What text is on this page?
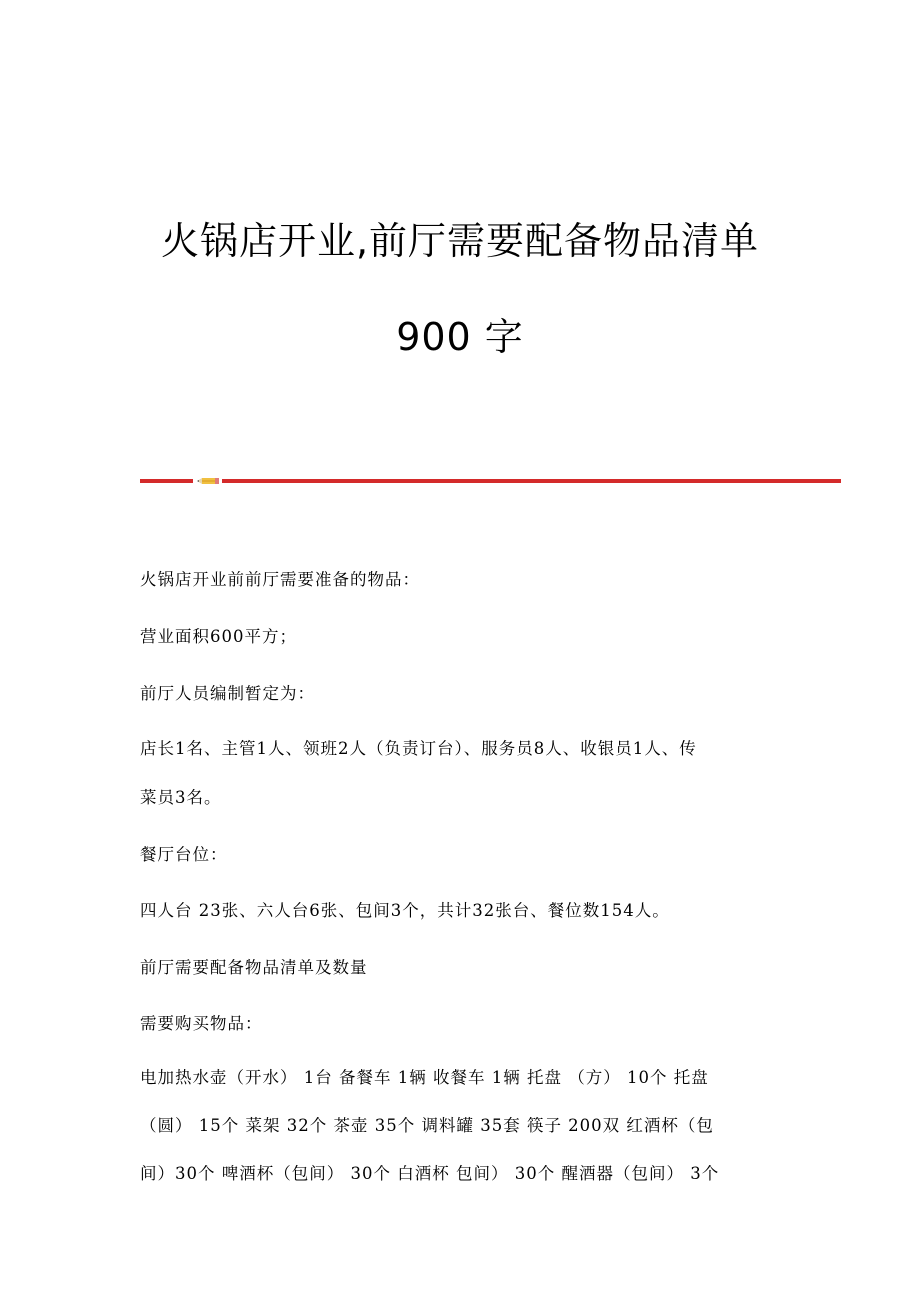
火锅店开业,前厅需要配备物品清单
900 字
火锅店开业前前厅需要准备的物品：
营业面积600平方；
前厅人员编制暂定为：
店长1名、主管1人、领班2人（负责订台）、服务员8人、收银员1人、传
菜员3名。
餐厅台位：
四人台 23张、六人台6张、包间3个，共计32张台、餐位数154人。
前厅需要配备物品清单及数量
需要购买物品：
电加热水壶（开水） 1台 备餐车 1辆 收餐车 1辆 托盘 （方） 10个 托盘
（圆） 15个 菜架 32个 茶壶 35个 调料罐 35套 筷子 200双 红酒杯（包
间）30个 啤酒杯（包间） 30个 白酒杯 包间） 30个 醒酒器（包间） 3个
